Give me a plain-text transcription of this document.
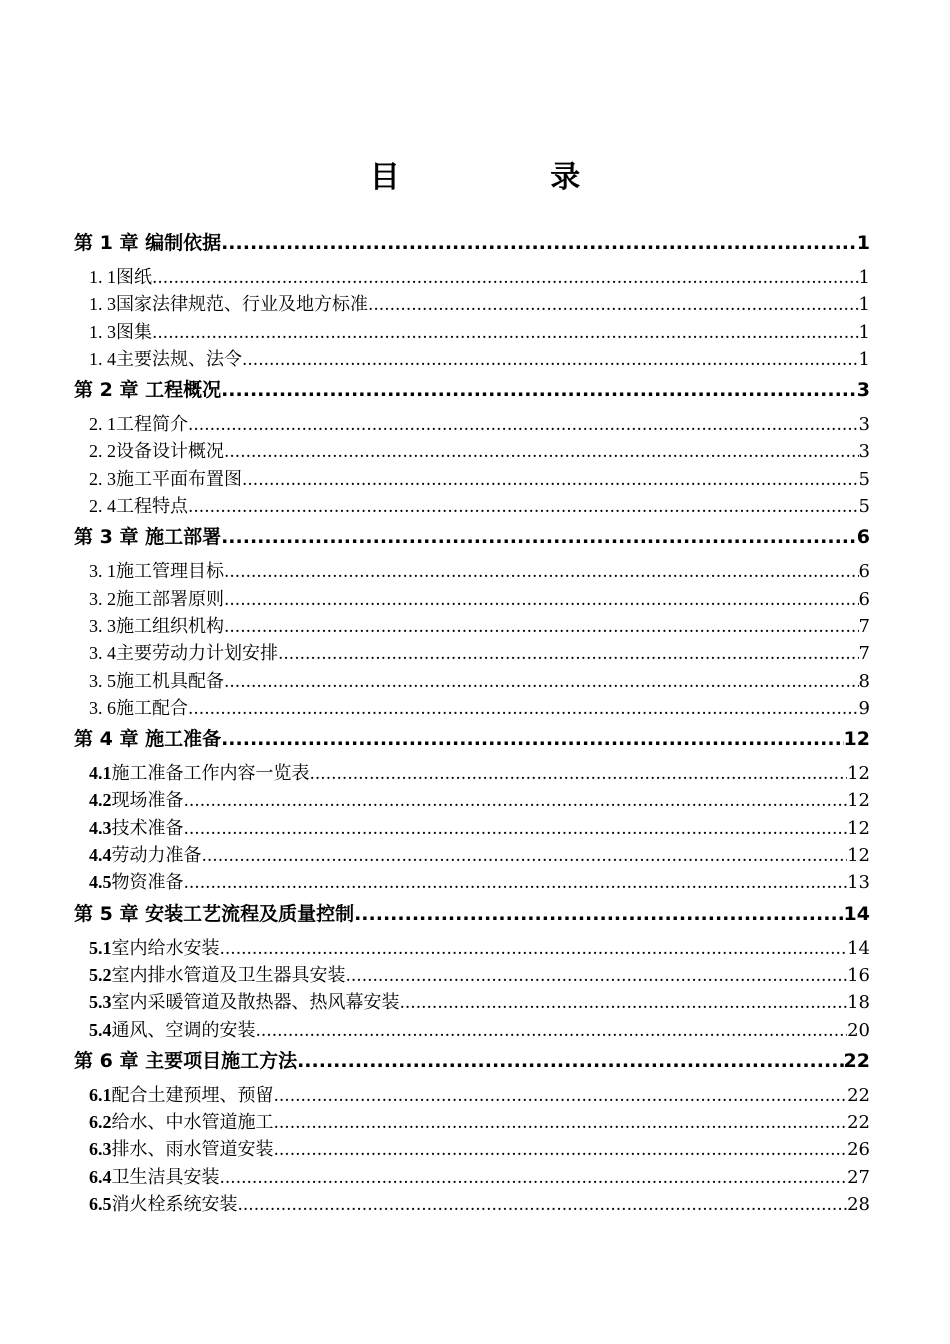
目 录
第 1 章 编制依据 .....	1
1. 1图纸 .....	1
1. 3国家法律规范、行业及地方标准 .....	1
1. 3图集 .....	1
1. 4主要法规、法令 .....	1
第 2 章 工程概况 .....	3
2. 1工程简介 .....	3
2. 2设备设计概况 .....	3
2. 3施工平面布置图 .....	5
2. 4工程特点 .....	5
第 3 章 施工部署 .....	6
3. 1施工管理目标 .....	6
3. 2施工部署原则 .....	6
3. 3施工组织机构 .....	7
3. 4主要劳动力计划安排 .....	7
3. 5施工机具配备 .....	8
3. 6施工配合 .....	9
第 4 章 施工准备 .....	12
4.1施工准备工作内容一览表 .....	12
4.2现场准备 .....	12
4.3技术准备 .....	12
4.4劳动力准备 .....	12
4.5物资准备 .....	13
第 5 章 安装工艺流程及质量控制 .....	14
5.1室内给水安装 .....	14
5.2室内排水管道及卫生器具安装 .....	16
5.3室内采暖管道及散热器、热风幕安装 .....	18
5.4通风、空调的安装 .....	20
第 6 章 主要项目施工方法 .....	22
6.1配合土建预埋、预留 .....	22
6.2给水、中水管道施工 .....	22
6.3排水、雨水管道安装 .....	26
6.4卫生洁具安装 .....	27
6.5消火栓系统安装 .....	28
